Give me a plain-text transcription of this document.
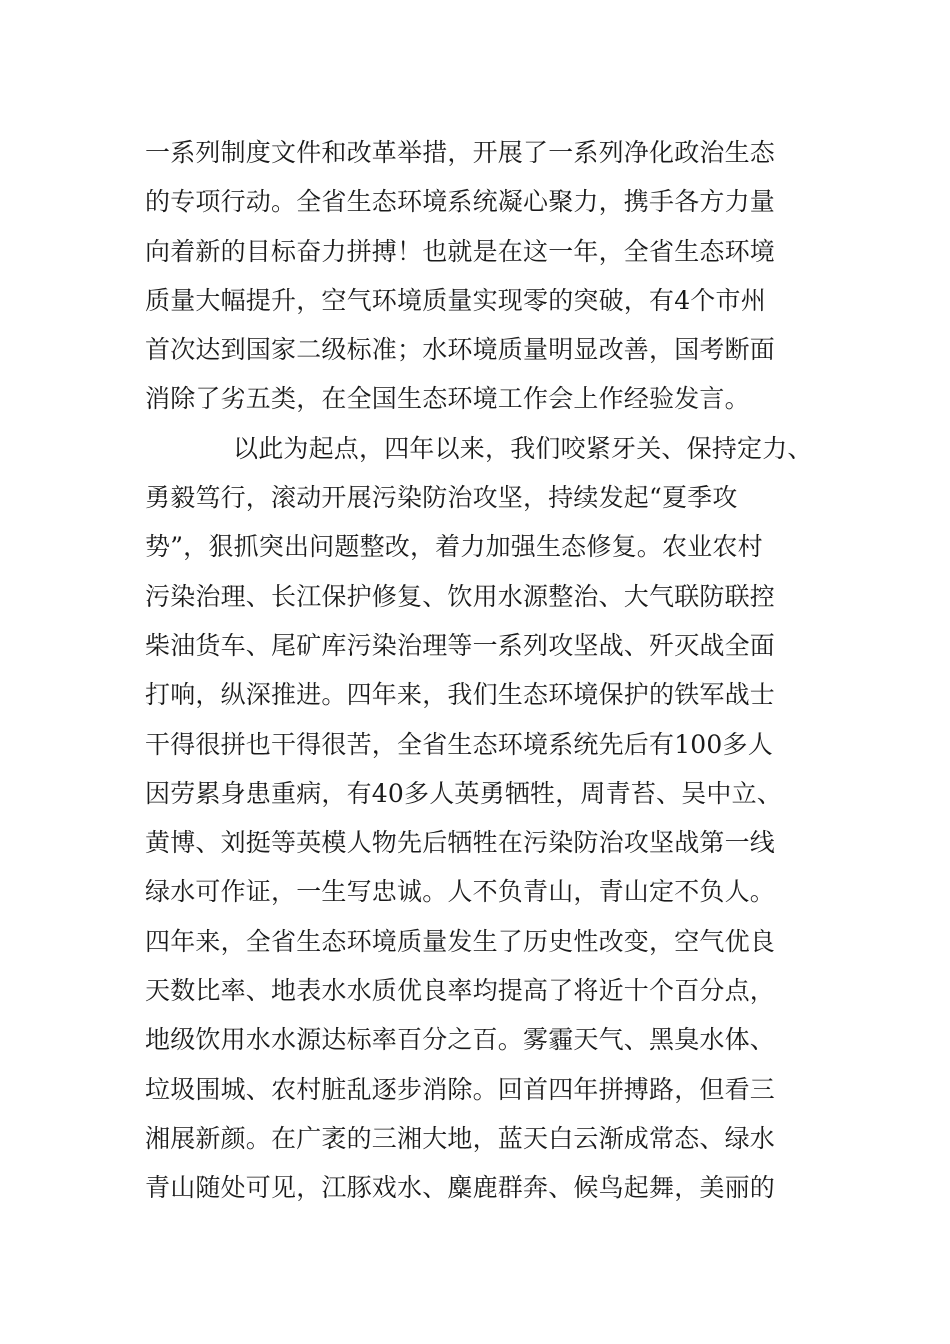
一系列制度文件和改革举措，开展了一系列净化政治生态
的专项行动。全省生态环境系统凝心聚力，携手各方力量
向着新的目标奋力拼搏！也就是在这一年，全省生态环境
质量大幅提升，空气环境质量实现零的突破，有4个市州
首次达到国家二级标准；水环境质量明显改善，国考断面
消除了劣五类，在全国生态环境工作会上作经验发言。
以此为起点，四年以来，我们咬紧牙关、保持定力、
勇毅笃行，滚动开展污染防治攻坚，持续发起“夏季攻
势”，狠抓突出问题整改，着力加强生态修复。农业农村
污染治理、长江保护修复、饮用水源整治、大气联防联控
柴油货车、尾矿库污染治理等一系列攻坚战、歼灭战全面
打响，纵深推进。四年来，我们生态环境保护的铁军战士
干得很拼也干得很苦，全省生态环境系统先后有100多人
因劳累身患重病，有40多人英勇牺牲，周青苔、吴中立、
黄博、刘挺等英模人物先后牺牲在污染防治攻坚战第一线
绿水可作证，一生写忠诚。人不负青山，青山定不负人。
四年来，全省生态环境质量发生了历史性改变，空气优良
天数比率、地表水水质优良率均提高了将近十个百分点，
地级饮用水水源达标率百分之百。雾霾天气、黑臭水体、
垃圾围城、农村脏乱逐步消除。回首四年拼搏路，但看三
湘展新颜。在广袤的三湘大地，蓝天白云渐成常态、绿水
青山随处可见，江豚戏水、麋鹿群奔、候鸟起舞，美丽的
